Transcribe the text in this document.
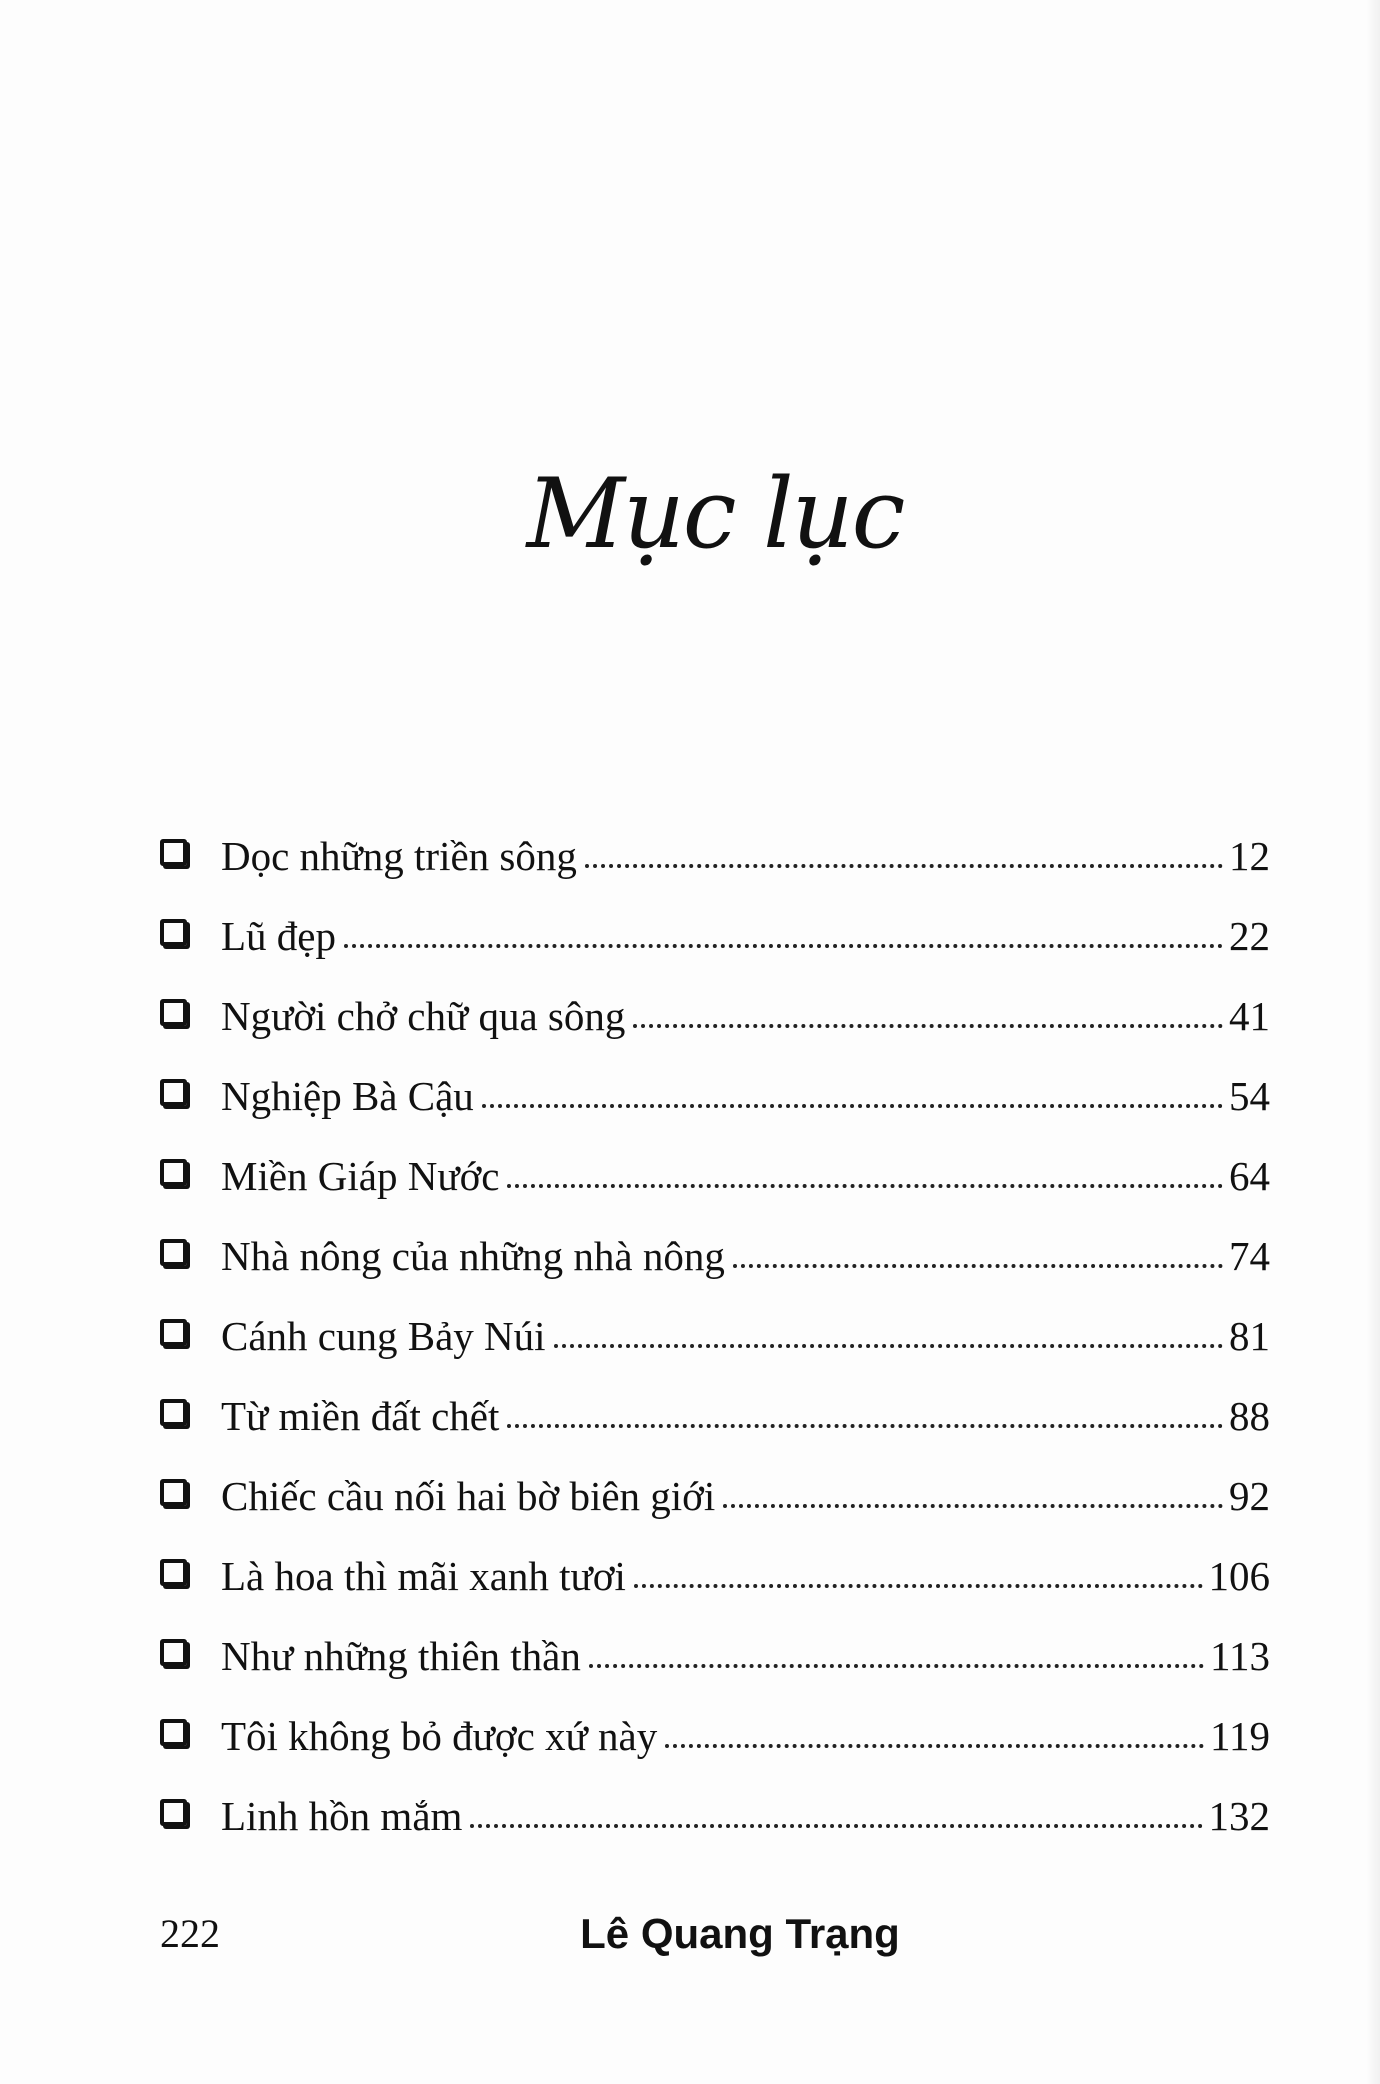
Mục lục
Dọc những triền sông	12
Lũ đẹp	22
Người chở chữ qua sông	41
Nghiệp Bà Cậu	54
Miền Giáp Nước	64
Nhà nông của những nhà nông	74
Cánh cung Bảy Núi	81
Từ miền đất chết	88
Chiếc cầu nối hai bờ biên giới	92
Là hoa thì mãi xanh tươi	106
Như những thiên thần	113
Tôi không bỏ được xứ này	119
Linh hồn mắm	132
222	Lê Quang Trạng
